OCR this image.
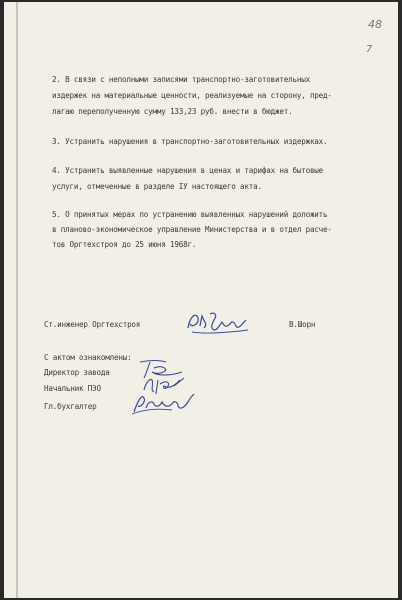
48
7
2. В связи с неполными записями транспортно-заготовительных
издержек на материальные ценности, реализуемые на сторону, пред-
лагаю переполученную сумму 133,23 руб. внести в бюджет.
3. Устранить нарушения в транспортно-заготовительных издержках.
4. Устранить выявленные нарушения в ценах и тарифах на бытовые
услуги, отмеченные в разделе IУ настоящего акта.
5. О принятых мерах по устранению выявленных нарушений доложить
в планово-экономическое управление Министерства и в отдел расче-
тов Оргтехстроя до 25 июня 1968г.
Ст.инженер Оргтехстроя	В.Шорн
С актом ознакомлены:
Директор завода
Начальник ПЭО
Гл.бухгалтер
